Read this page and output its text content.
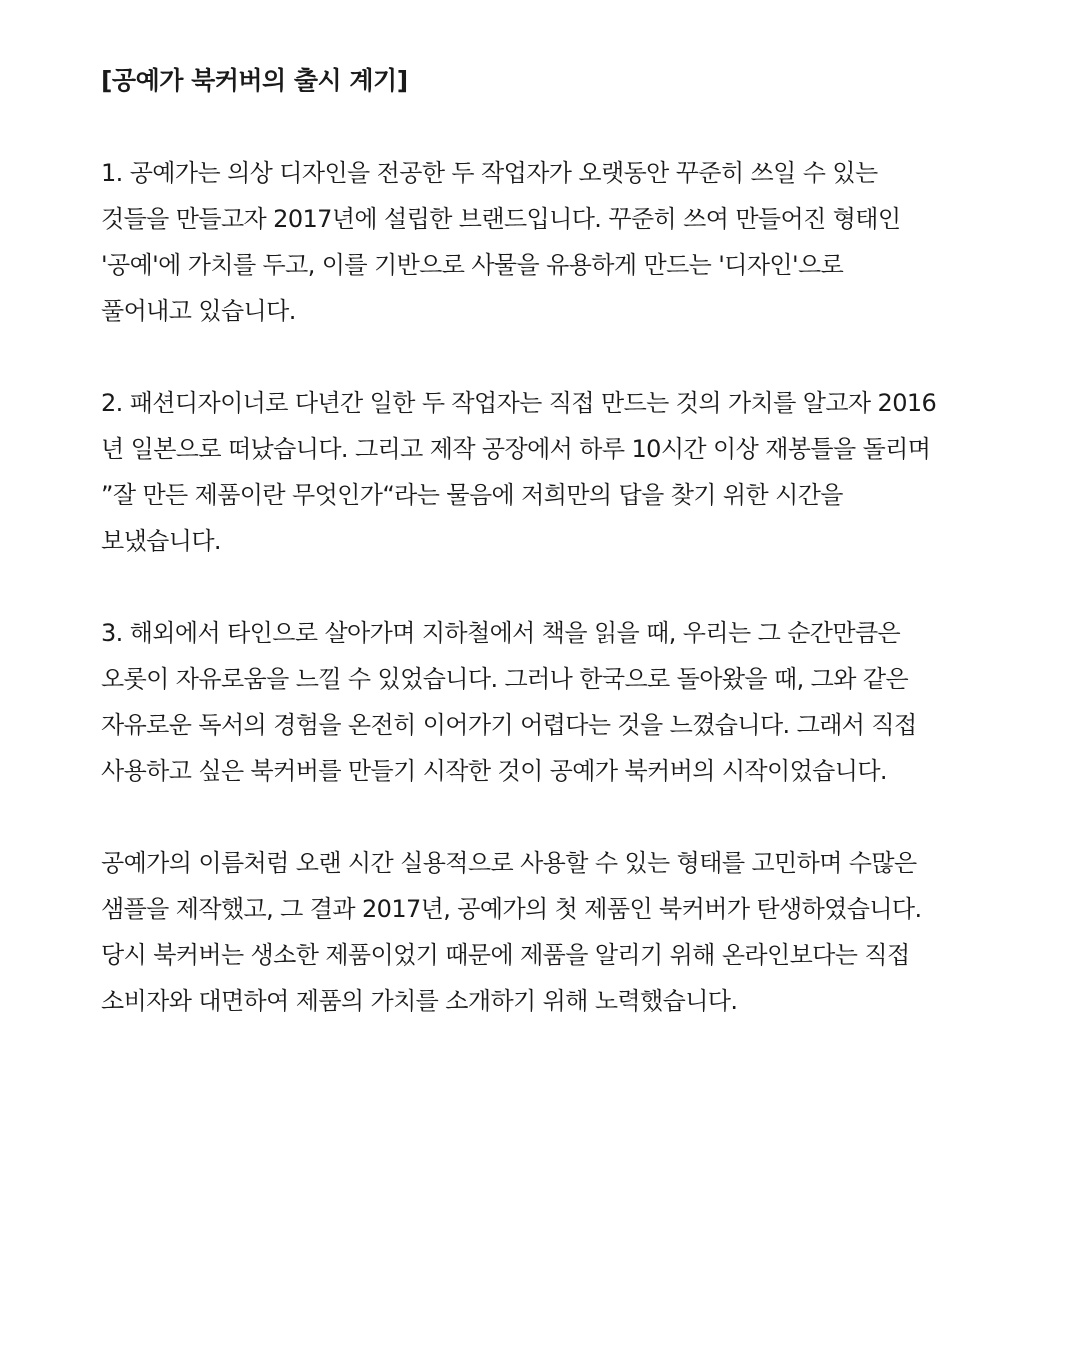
[공예가 북커버의 출시 계기]
1. 공예가는 의상 디자인을 전공한 두 작업자가 오랫동안 꾸준히 쓰일 수 있는
것들을 만들고자 2017년에 설립한 브랜드입니다. 꾸준히 쓰여 만들어진 형태인
'공예'에 가치를 두고, 이를 기반으로 사물을 유용하게 만드는 '디자인'으로
풀어내고 있습니다.
2. 패션디자이너로 다년간 일한 두 작업자는 직접 만드는 것의 가치를 알고자 2016
년 일본으로 떠났습니다. 그리고 제작 공장에서 하루 10시간 이상 재봉틀을 돌리며
”잘 만든 제품이란 무엇인가“라는 물음에 저희만의 답을 찾기 위한 시간을
보냈습니다.
3. 해외에서 타인으로 살아가며 지하철에서 책을 읽을 때, 우리는 그 순간만큼은
오롯이 자유로움을 느낄 수 있었습니다. 그러나 한국으로 돌아왔을 때, 그와 같은
자유로운 독서의 경험을 온전히 이어가기 어렵다는 것을 느꼈습니다. 그래서 직접
사용하고 싶은 북커버를 만들기 시작한 것이 공예가 북커버의 시작이었습니다.
공예가의 이름처럼 오랜 시간 실용적으로 사용할 수 있는 형태를 고민하며 수많은
샘플을 제작했고, 그 결과 2017년, 공예가의 첫 제품인 북커버가 탄생하였습니다.
당시 북커버는 생소한 제품이었기 때문에 제품을 알리기 위해 온라인보다는 직접
소비자와 대면하여 제품의 가치를 소개하기 위해 노력했습니다.
